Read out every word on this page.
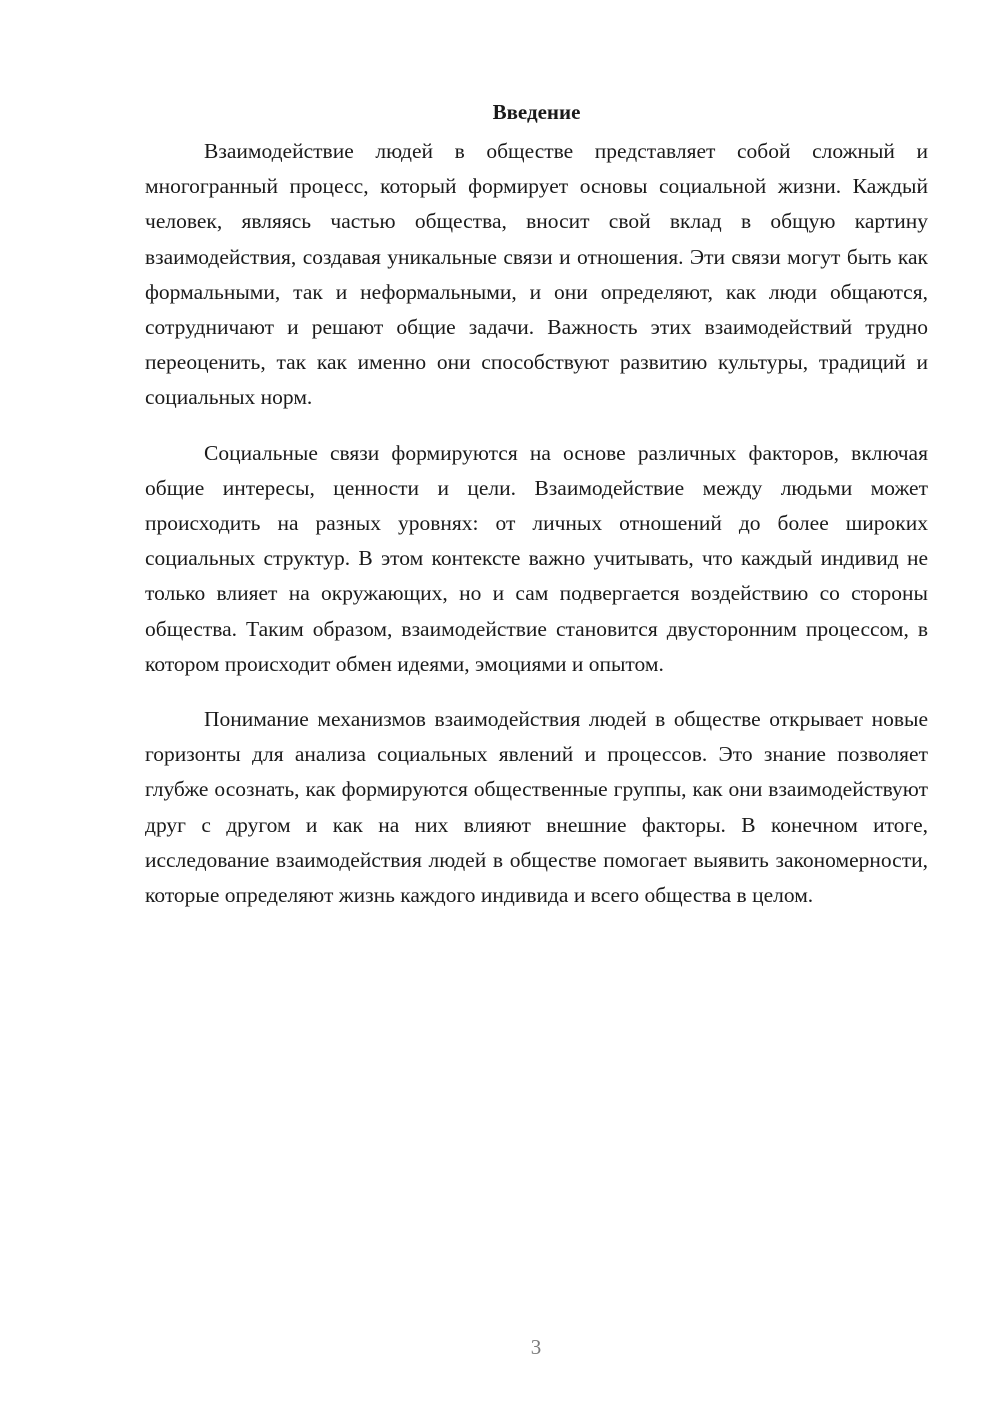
Введение

Взаимодействие людей в обществе представляет собой сложный и многогранный процесс, который формирует основы социальной жизни. Каждый человек, являясь частью общества, вносит свой вклад в общую картину взаимодействия, создавая уникальные связи и отношения. Эти связи могут быть как формальными, так и неформальными, и они определяют, как люди общаются, сотрудничают и решают общие задачи. Важность этих взаимодействий трудно переоценить, так как именно они способствуют развитию культуры, традиций и социальных норм.

Социальные связи формируются на основе различных факторов, включая общие интересы, ценности и цели. Взаимодействие между людьми может происходить на разных уровнях: от личных отношений до более широких социальных структур. В этом контексте важно учитывать, что каждый индивид не только влияет на окружающих, но и сам подвергается воздействию со стороны общества. Таким образом, взаимодействие становится двусторонним процессом, в котором происходит обмен идеями, эмоциями и опытом.

Понимание механизмов взаимодействия людей в обществе открывает новые горизонты для анализа социальных явлений и процессов. Это знание позволяет глубже осознать, как формируются общественные группы, как они взаимодействуют друг с другом и как на них влияют внешние факторы. В конечном итоге, исследование взаимодействия людей в обществе помогает выявить закономерности, которые определяют жизнь каждого индивида и всего общества в целом.

3
